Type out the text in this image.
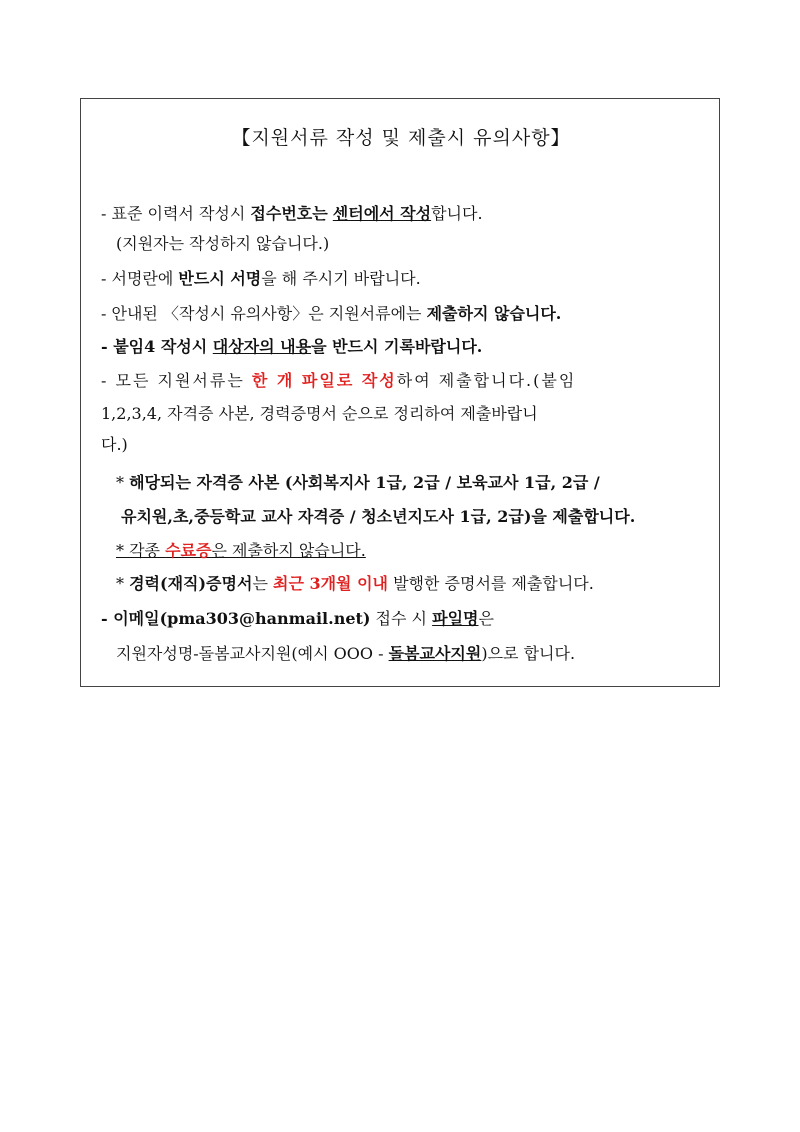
【지원서류 작성 및 제출시 유의사항】
- 표준 이력서 작성시 접수번호는 센터에서 작성합니다.
(지원자는 작성하지 않습니다.)
- 서명란에 반드시 서명을 해 주시기 바랍니다.
- 안내된 〈작성시 유의사항〉은 지원서류에는 제출하지 않습니다.
- 붙임4 작성시 대상자의 내용을 반드시 기록바랍니다.
- 모든 지원서류는 한 개 파일로 작성하여 제출합니다.(붙임
1,2,3,4, 자격증 사본, 경력증명서 순으로 정리하여 제출바랍니
다.)
* 해당되는 자격증 사본 (사회복지사 1급, 2급 / 보육교사 1급, 2급 /
유치원,초,중등학교 교사 자격증 / 청소년지도사 1급, 2급)을 제출합니다.
* 각종 수료증은 제출하지 않습니다.
* 경력(재직)증명서는 최근 3개월 이내 발행한 증명서를 제출합니다.
- 이메일(pma303@hanmail.net) 접수 시 파일명은
지원자성명-돌봄교사지원(예시 OOO - 돌봄교사지원)으로 합니다.
